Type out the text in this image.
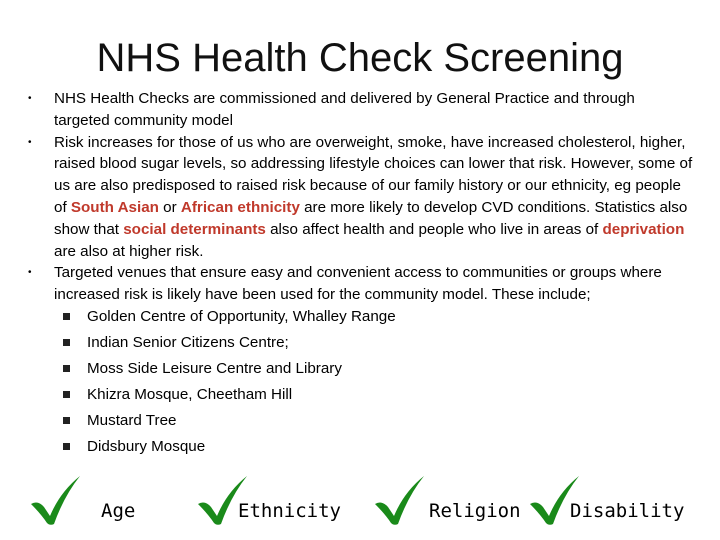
NHS Health Check Screening
• NHS Health Checks are commissioned and delivered by General Practice and through targeted community model
• Risk increases for those of us who are overweight, smoke, have increased cholesterol, higher, raised blood sugar levels, so addressing lifestyle choices can lower that risk. However, some of us are also predisposed to raised risk because of our family history or our ethnicity, eg people of South Asian or African ethnicity are more likely to develop CVD conditions. Statistics also show that social determinants also affect health and people who live in areas of deprivation are also at higher risk.
• Targeted venues that ensure easy and convenient access to communities or groups where increased risk is likely have been used for the community model. These include;
Golden Centre of Opportunity, Whalley Range
Indian Senior Citizens Centre;
Moss Side Leisure Centre and Library
Khizra Mosque, Cheetham Hill
Mustard Tree
Didsbury Mosque
Age	Ethnicity	Religion	Disability
